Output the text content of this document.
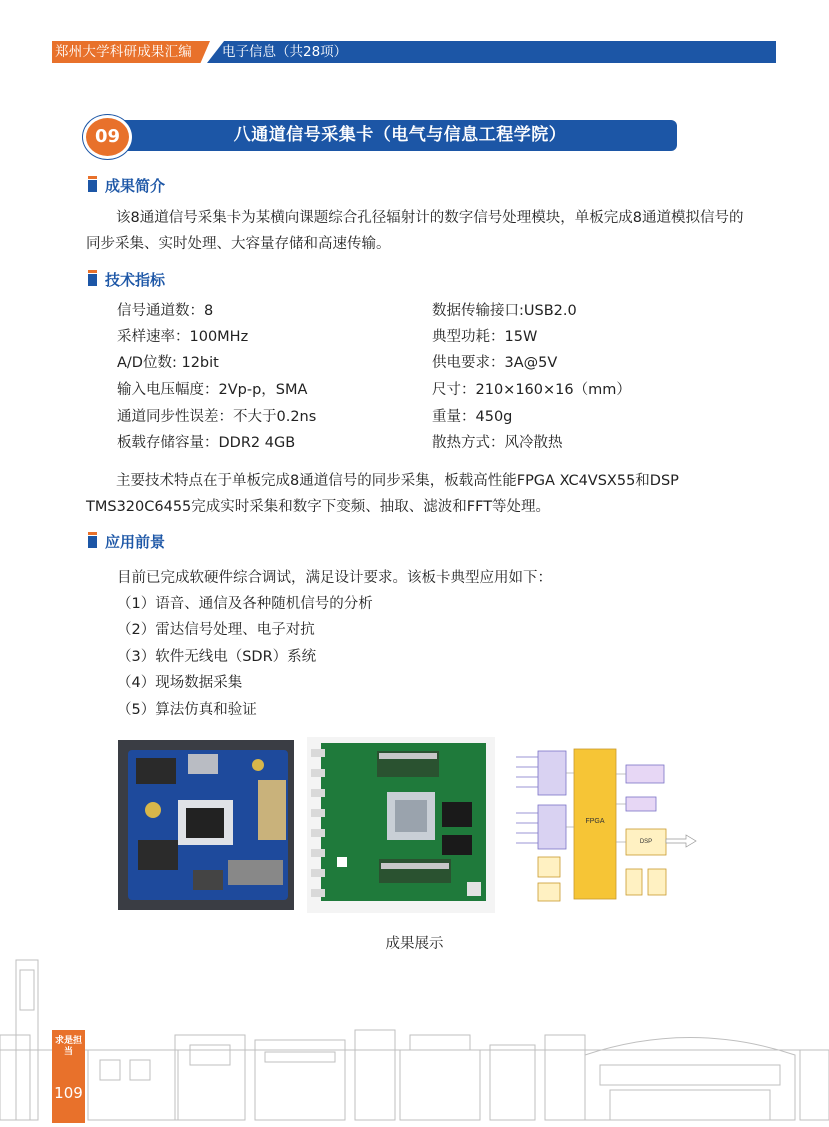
郑州大学科研成果汇编 电子信息（共28项）
09	八通道信号采集卡（电气与信息工程学院）
成果简介
该8通道信号采集卡为某横向课题综合孔径辐射计的数字信号处理模块，单板完成8通道模拟信号的同步采集、实时处理、大容量存储和高速传输。
技术指标
信号通道数：8
采样速率：100MHz
A/D位数: 12bit
输入电压幅度：2Vp-p，SMA
通道同步性误差：不大于0.2ns
板载存储容量：DDR2 4GB
数据传输接口:USB2.0
典型功耗：15W
供电要求：3A@5V
尺寸：210×160×16（mm）
重量：450g
散热方式：风冷散热
主要技术特点在于单板完成8通道信号的同步采集，板载高性能FPGA XC4VSX55和DSP TMS320C6455完成实时采集和数字下变频、抽取、滤波和FFT等处理。
应用前景
目前已完成软硬件综合调试，满足设计要求。该板卡典型应用如下：
（1）语音、通信及各种随机信号的分析
（2）雷达信号处理、电子对抗
（3）软件无线电（SDR）系统
（4）现场数据采集
（5）算法仿真和验证
FPGA
DSP
成果展示
求是担当
109
